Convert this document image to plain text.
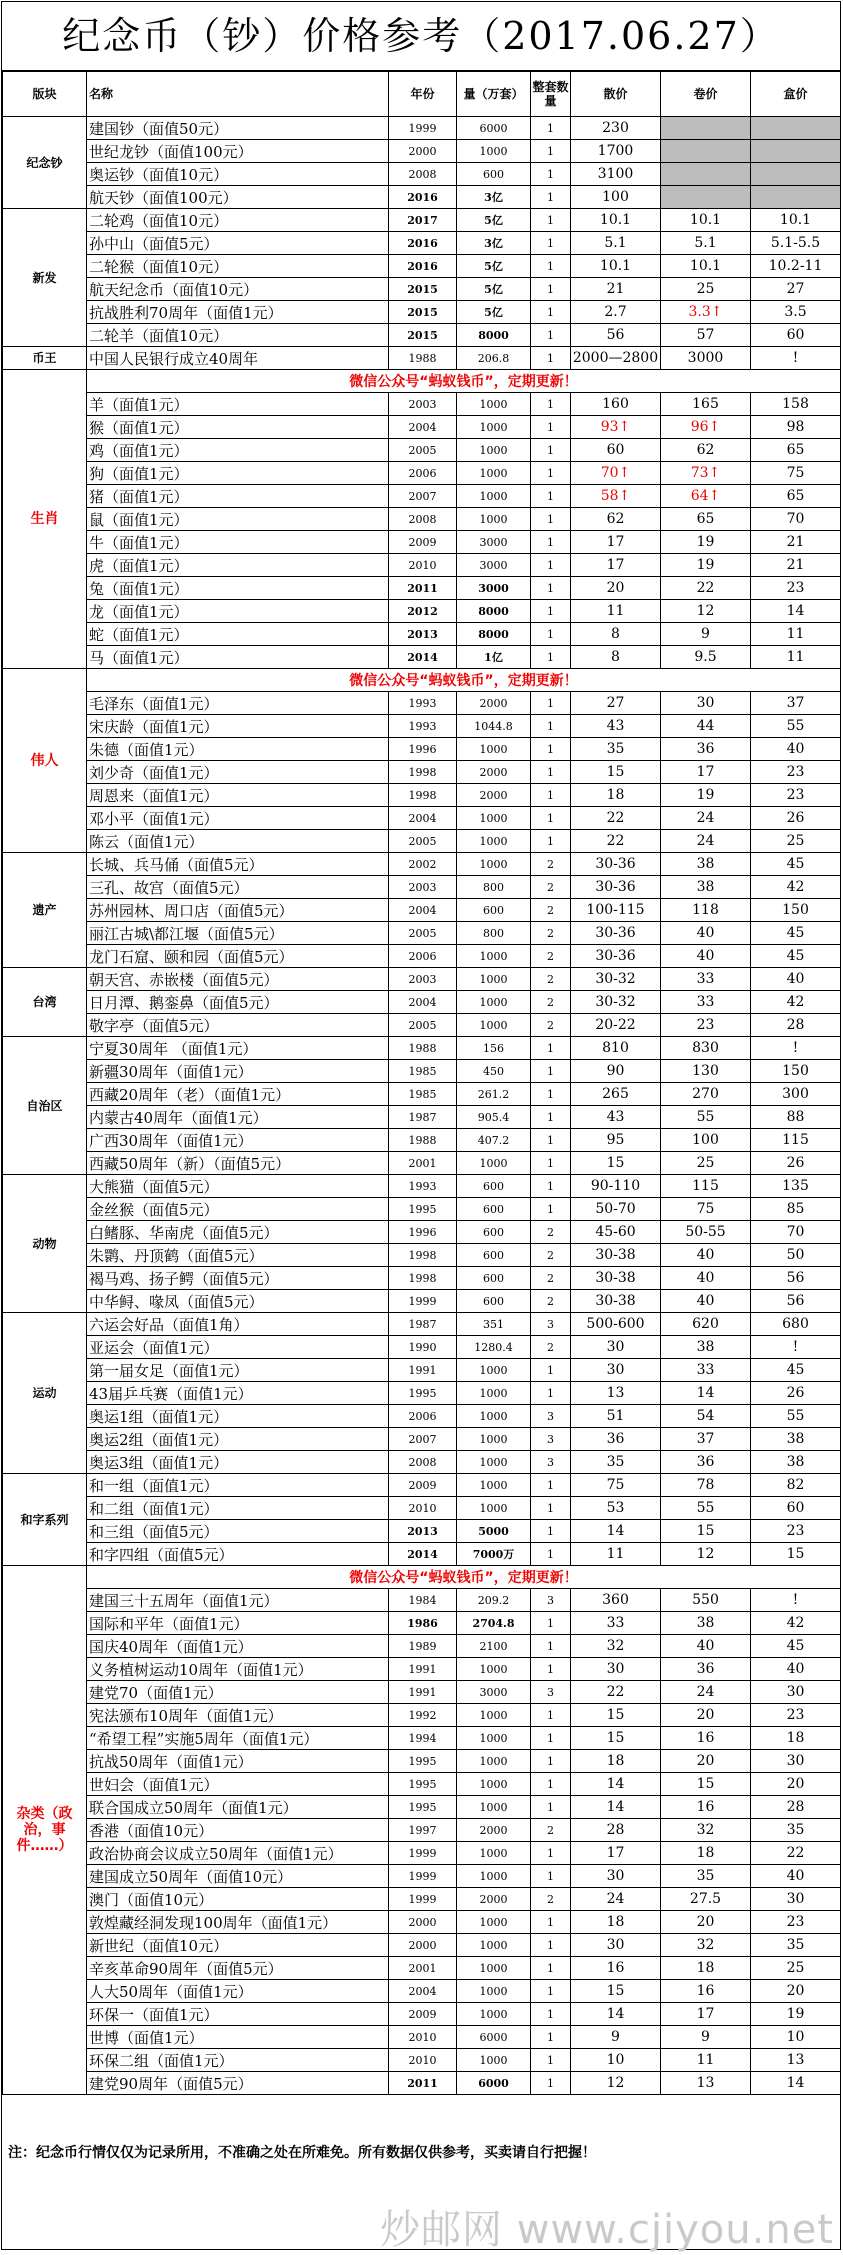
纪念币（钞）价格参考（2017.06.27）
版块	名称	年份	量（万套）	整套数量	散价	卷价	盒价
纪念钞	建国钞（面值50元）	1999	6000	1	230		
	世纪龙钞（面值100元）	2000	1000	1	1700		
	奥运钞（面值10元）	2008	600	1	3100		
	航天钞（面值100元）	2016	3亿	1	100		
新发	二轮鸡（面值10元）	2017	5亿	1	10.1	10.1	10.1
	孙中山（面值5元）	2016	3亿	1	5.1	5.1	5.1-5.5
	二轮猴（面值10元）	2016	5亿	1	10.1	10.1	10.2-11
	航天纪念币（面值10元）	2015	5亿	1	21	25	27
	抗战胜利70周年（面值1元）	2015	5亿	1	2.7	3.3↑	3.5
	二轮羊（面值10元）	2015	8000	1	56	57	60
币王	中国人民银行成立40周年	1988	206.8	1	2000—2800	3000	!
生肖	微信公众号“蚂蚁钱币”，定期更新！						
	羊（面值1元）	2003	1000	1	160	165	158
	猴（面值1元）	2004	1000	1	93↑	96↑	98
	鸡（面值1元）	2005	1000	1	60	62	65
	狗（面值1元）	2006	1000	1	70↑	73↑	75
	猪（面值1元）	2007	1000	1	58↑	64↑	65
	鼠（面值1元）	2008	1000	1	62	65	70
	牛（面值1元）	2009	3000	1	17	19	21
	虎（面值1元）	2010	3000	1	17	19	21
	兔（面值1元）	2011	3000	1	20	22	23
	龙（面值1元）	2012	8000	1	11	12	14
	蛇（面值1元）	2013	8000	1	8	9	11
	马（面值1元）	2014	1亿	1	8	9.5	11
伟人	微信公众号“蚂蚁钱币”，定期更新！						
	毛泽东（面值1元）	1993	2000	1	27	30	37
	宋庆龄（面值1元）	1993	1044.8	1	43	44	55
	朱德（面值1元）	1996	1000	1	35	36	40
	刘少奇（面值1元）	1998	2000	1	15	17	23
	周恩来（面值1元）	1998	2000	1	18	19	23
	邓小平（面值1元）	2004	1000	1	22	24	26
	陈云（面值1元）	2005	1000	1	22	24	25
遗产	长城、兵马俑（面值5元）	2002	1000	2	30-36	38	45
	三孔、故宫（面值5元）	2003	800	2	30-36	38	42
	苏州园林、周口店（面值5元）	2004	600	2	100-115	118	150
	丽江古城\都江堰（面值5元）	2005	800	2	30-36	40	45
	龙门石窟、颐和园（面值5元）	2006	1000	2	30-36	40	45
台湾	朝天宫、赤嵌楼（面值5元）	2003	1000	2	30-32	33	40
	日月潭、鹅銮鼻（面值5元）	2004	1000	2	30-32	33	42
	敬字亭（面值5元）	2005	1000	2	20-22	23	28
自治区	宁夏30周年 （面值1元）	1988	156	1	810	830	!
	新疆30周年（面值1元）	1985	450	1	90	130	150
	西藏20周年（老）（面值1元）	1985	261.2	1	265	270	300
	内蒙古40周年（面值1元）	1987	905.4	1	43	55	88
	广西30周年（面值1元）	1988	407.2	1	95	100	115
	西藏50周年（新）（面值5元）	2001	1000	1	15	25	26
动物	大熊猫（面值5元）	1993	600	1	90-110	115	135
	金丝猴（面值5元）	1995	600	1	50-70	75	85
	白鳍豚、华南虎（面值5元）	1996	600	2	45-60	50-55	70
	朱鹮、丹顶鹤（面值5元）	1998	600	2	30-38	40	50
	褐马鸡、扬子鳄（面值5元）	1998	600	2	30-38	40	56
	中华鲟、喙凤（面值5元）	1999	600	2	30-38	40	56
运动	六运会好品（面值1角）	1987	351	3	500-600	620	680
	亚运会（面值1元）	1990	1280.4	2	30	38	!
	第一届女足（面值1元）	1991	1000	1	30	33	45
	43届乒乓赛（面值1元）	1995	1000	1	13	14	26
	奥运1组（面值1元）	2006	1000	3	51	54	55
	奥运2组（面值1元）	2007	1000	3	36	37	38
	奥运3组（面值1元）	2008	1000	3	35	36	38
和字系列	和一组（面值1元）	2009	1000	1	75	78	82
	和二组（面值1元）	2010	1000	1	53	55	60
	和三组（面值5元）	2013	5000	1	14	15	23
	和字四组（面值5元）	2014	7000万	1	11	12	15
杂类（政治，事件……）	微信公众号“蚂蚁钱币”，定期更新！						
	建国三十五周年（面值1元）	1984	209.2	3	360	550	!
	国际和平年（面值1元）	1986	2704.8	1	33	38	42
	国庆40周年（面值1元）	1989	2100	1	32	40	45
	义务植树运动10周年（面值1元）	1991	1000	1	30	36	40
	建党70（面值1元）	1991	3000	3	22	24	30
	宪法颁布10周年（面值1元）	1992	1000	1	15	20	23
	“希望工程”实施5周年（面值1元）	1994	1000	1	15	16	18
	抗战50周年（面值1元）	1995	1000	1	18	20	30
	世妇会（面值1元）	1995	1000	1	14	15	20
	联合国成立50周年（面值1元）	1995	1000	1	14	16	28
	香港（面值10元）	1997	2000	2	28	32	35
	政治协商会议成立50周年（面值1元）	1999	1000	1	17	18	22
	建国成立50周年（面值10元）	1999	1000	1	30	35	40
	澳门（面值10元）	1999	2000	2	24	27.5	30
	敦煌藏经洞发现100周年（面值1元）	2000	1000	1	18	20	23
	新世纪（面值10元）	2000	1000	1	30	32	35
	辛亥革命90周年（面值5元）	2001	1000	1	16	18	25
	人大50周年（面值1元）	2004	1000	1	15	16	20
	环保一（面值1元）	2009	1000	1	14	17	19
	世博（面值1元）	2010	6000	1	9	9	10
	环保二组（面值1元）	2010	1000	1	10	11	13
	建党90周年（面值5元）	2011	6000	1	12	13	14
注：纪念币行情仅仅为记录所用，不准确之处在所难免。所有数据仅供参考，买卖请自行把握！
炒邮网 www.cjiyou.net
